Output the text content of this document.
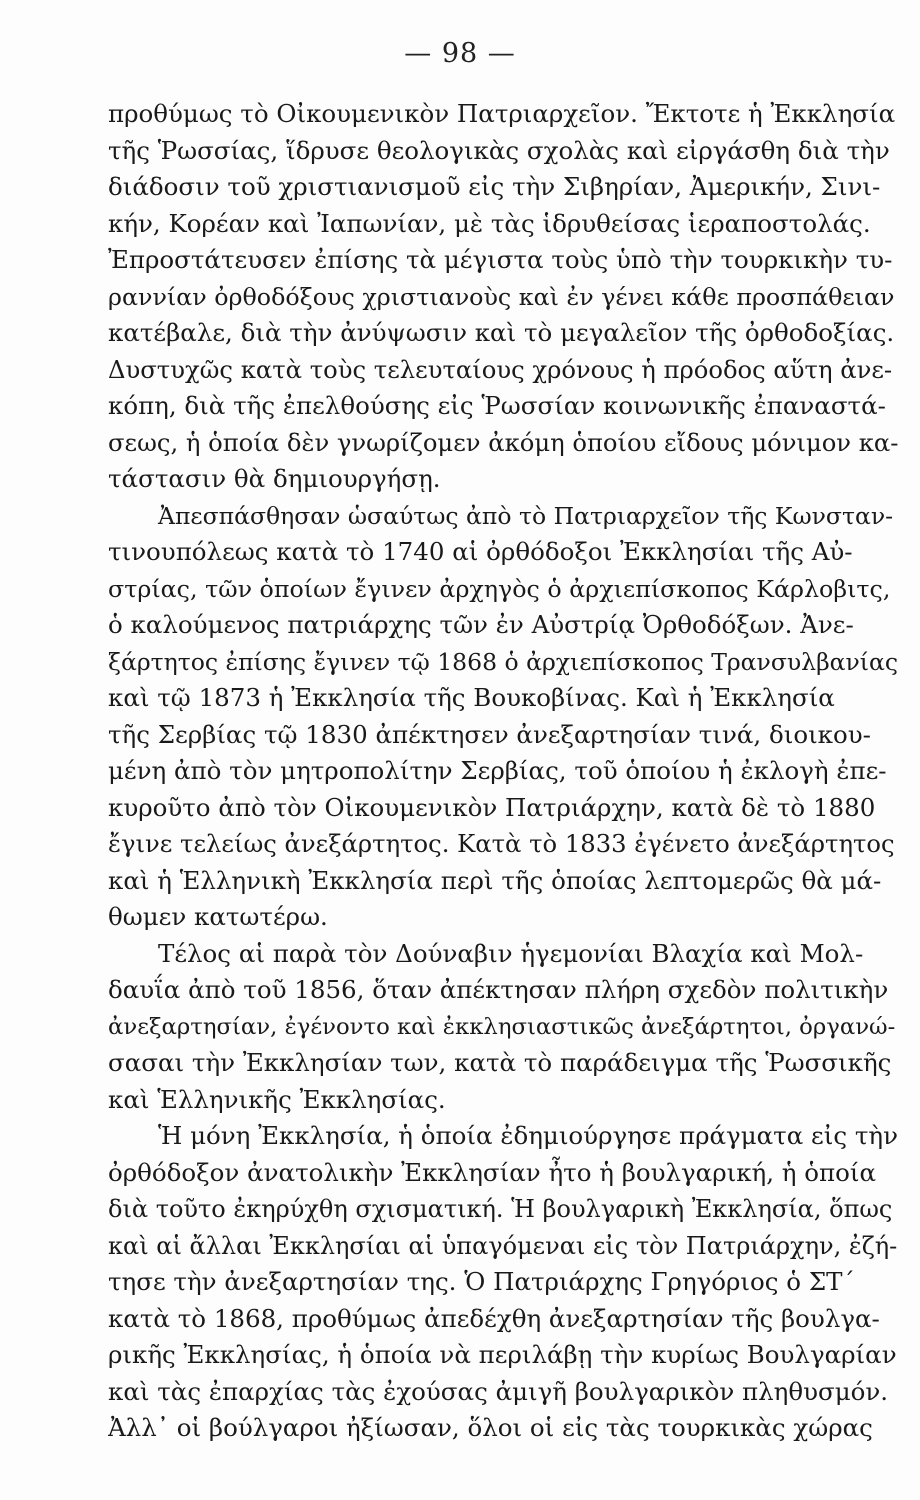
— 98 —
προθύμως τὸ Οἰκουμενικὸν Πατριαρχεῖον. Ἔκτοτε ἡ Ἐκκλησία
τῆς Ῥωσσίας, ἵδρυσε θεολογικὰς σχολὰς καὶ εἰργάσθη διὰ τὴν
διάδοσιν τοῦ χριστιανισμοῦ εἰς τὴν Σιβηρίαν, Ἀμερικήν, Σινι-
κήν, Κορέαν καὶ Ἰαπωνίαν, μὲ τὰς ἱδρυθείσας ἱεραποστολάς.
Ἐπροστάτευσεν ἐπίσης τὰ μέγιστα τοὺς ὑπὸ τὴν τουρκικὴν τυ-
ραννίαν ὀρθοδόξους χριστιανοὺς καὶ ἐν γένει κάθε προσπάθειαν
κατέβαλε, διὰ τὴν ἀνύψωσιν καὶ τὸ μεγαλεῖον τῆς ὀρθοδοξίας.
Δυστυχῶς κατὰ τοὺς τελευταίους χρόνους ἡ πρόοδος αὕτη ἀνε-
κόπη, διὰ τῆς ἐπελθούσης εἰς Ῥωσσίαν κοινωνικῆς ἐπαναστά-
σεως, ἡ ὁποία δὲν γνωρίζομεν ἀκόμη ὁποίου εἴδους μόνιμον κα-
τάστασιν θὰ δημιουργήσῃ.
Ἀπεσπάσθησαν ὡσαύτως ἀπὸ τὸ Πατριαρχεῖον τῆς Κωνσταν-
τινουπόλεως κατὰ τὸ 1740 αἱ ὀρθόδοξοι Ἐκκλησίαι τῆς Αὐ-
στρίας, τῶν ὁποίων ἔγινεν ἀρχηγὸς ὁ ἀρχιεπίσκοπος Κάρλοβιτς,
ὁ καλούμενος πατριάρχης τῶν ἐν Αὐστρίᾳ Ὀρθοδόξων. Ἀνε-
ξάρτητος ἐπίσης ἔγινεν τῷ 1868 ὁ ἀρχιεπίσκοπος Τρανσυλβανίας
καὶ τῷ 1873 ἡ Ἐκκλησία τῆς Βουκοβίνας. Καὶ ἡ Ἐκκλησία
τῆς Σερβίας τῷ 1830 ἀπέκτησεν ἀνεξαρτησίαν τινά, διοικου-
μένη ἀπὸ τὸν μητροπολίτην Σερβίας, τοῦ ὁποίου ἡ ἐκλογὴ ἐπε-
κυροῦτο ἀπὸ τὸν Οἰκουμενικὸν Πατριάρχην, κατὰ δὲ τὸ 1880
ἔγινε τελείως ἀνεξάρτητος. Κατὰ τὸ 1833 ἐγένετο ἀνεξάρτητος
καὶ ἡ Ἑλληνικὴ Ἐκκλησία περὶ τῆς ὁποίας λεπτομερῶς θὰ μά-
θωμεν κατωτέρω.
Τέλος αἱ παρὰ τὸν Δούναβιν ἡγεμονίαι Βλαχία καὶ Μολ-
δαυΐα ἀπὸ τοῦ 1856, ὅταν ἀπέκτησαν πλήρη σχεδὸν πολιτικὴν
ἀνεξαρτησίαν, ἐγένοντο καὶ ἐκκλησιαστικῶς ἀνεξάρτητοι, ὀργανώ-
σασαι τὴν Ἐκκλησίαν των, κατὰ τὸ παράδειγμα τῆς Ῥωσσικῆς
καὶ Ἑλληνικῆς Ἐκκλησίας.
Ἡ μόνη Ἐκκλησία, ἡ ὁποία ἐδημιούργησε πράγματα εἰς τὴν
ὀρθόδοξον ἀνατολικὴν Ἐκκλησίαν ἦτο ἡ βουλγαρική, ἡ ὁποία
διὰ τοῦτο ἐκηρύχθη σχισματική. Ἡ βουλγαρικὴ Ἐκκλησία, ὅπως
καὶ αἱ ἄλλαι Ἐκκλησίαι αἱ ὑπαγόμεναι εἰς τὸν Πατριάρχην, ἐζή-
τησε τὴν ἀνεξαρτησίαν της. Ὁ Πατριάρχης Γρηγόριος ὁ ΣΤ΄
κατὰ τὸ 1868, προθύμως ἀπεδέχθη ἀνεξαρτησίαν τῆς βουλγα-
ρικῆς Ἐκκλησίας, ἡ ὁποία νὰ περιλάβῃ τὴν κυρίως Βουλγαρίαν
καὶ τὰς ἐπαρχίας τὰς ἐχούσας ἀμιγῆ βουλγαρικὸν πληθυσμόν.
Ἀλλ᾽ οἱ βούλγαροι ἠξίωσαν, ὅλοι οἱ εἰς τὰς τουρκικὰς χώρας
